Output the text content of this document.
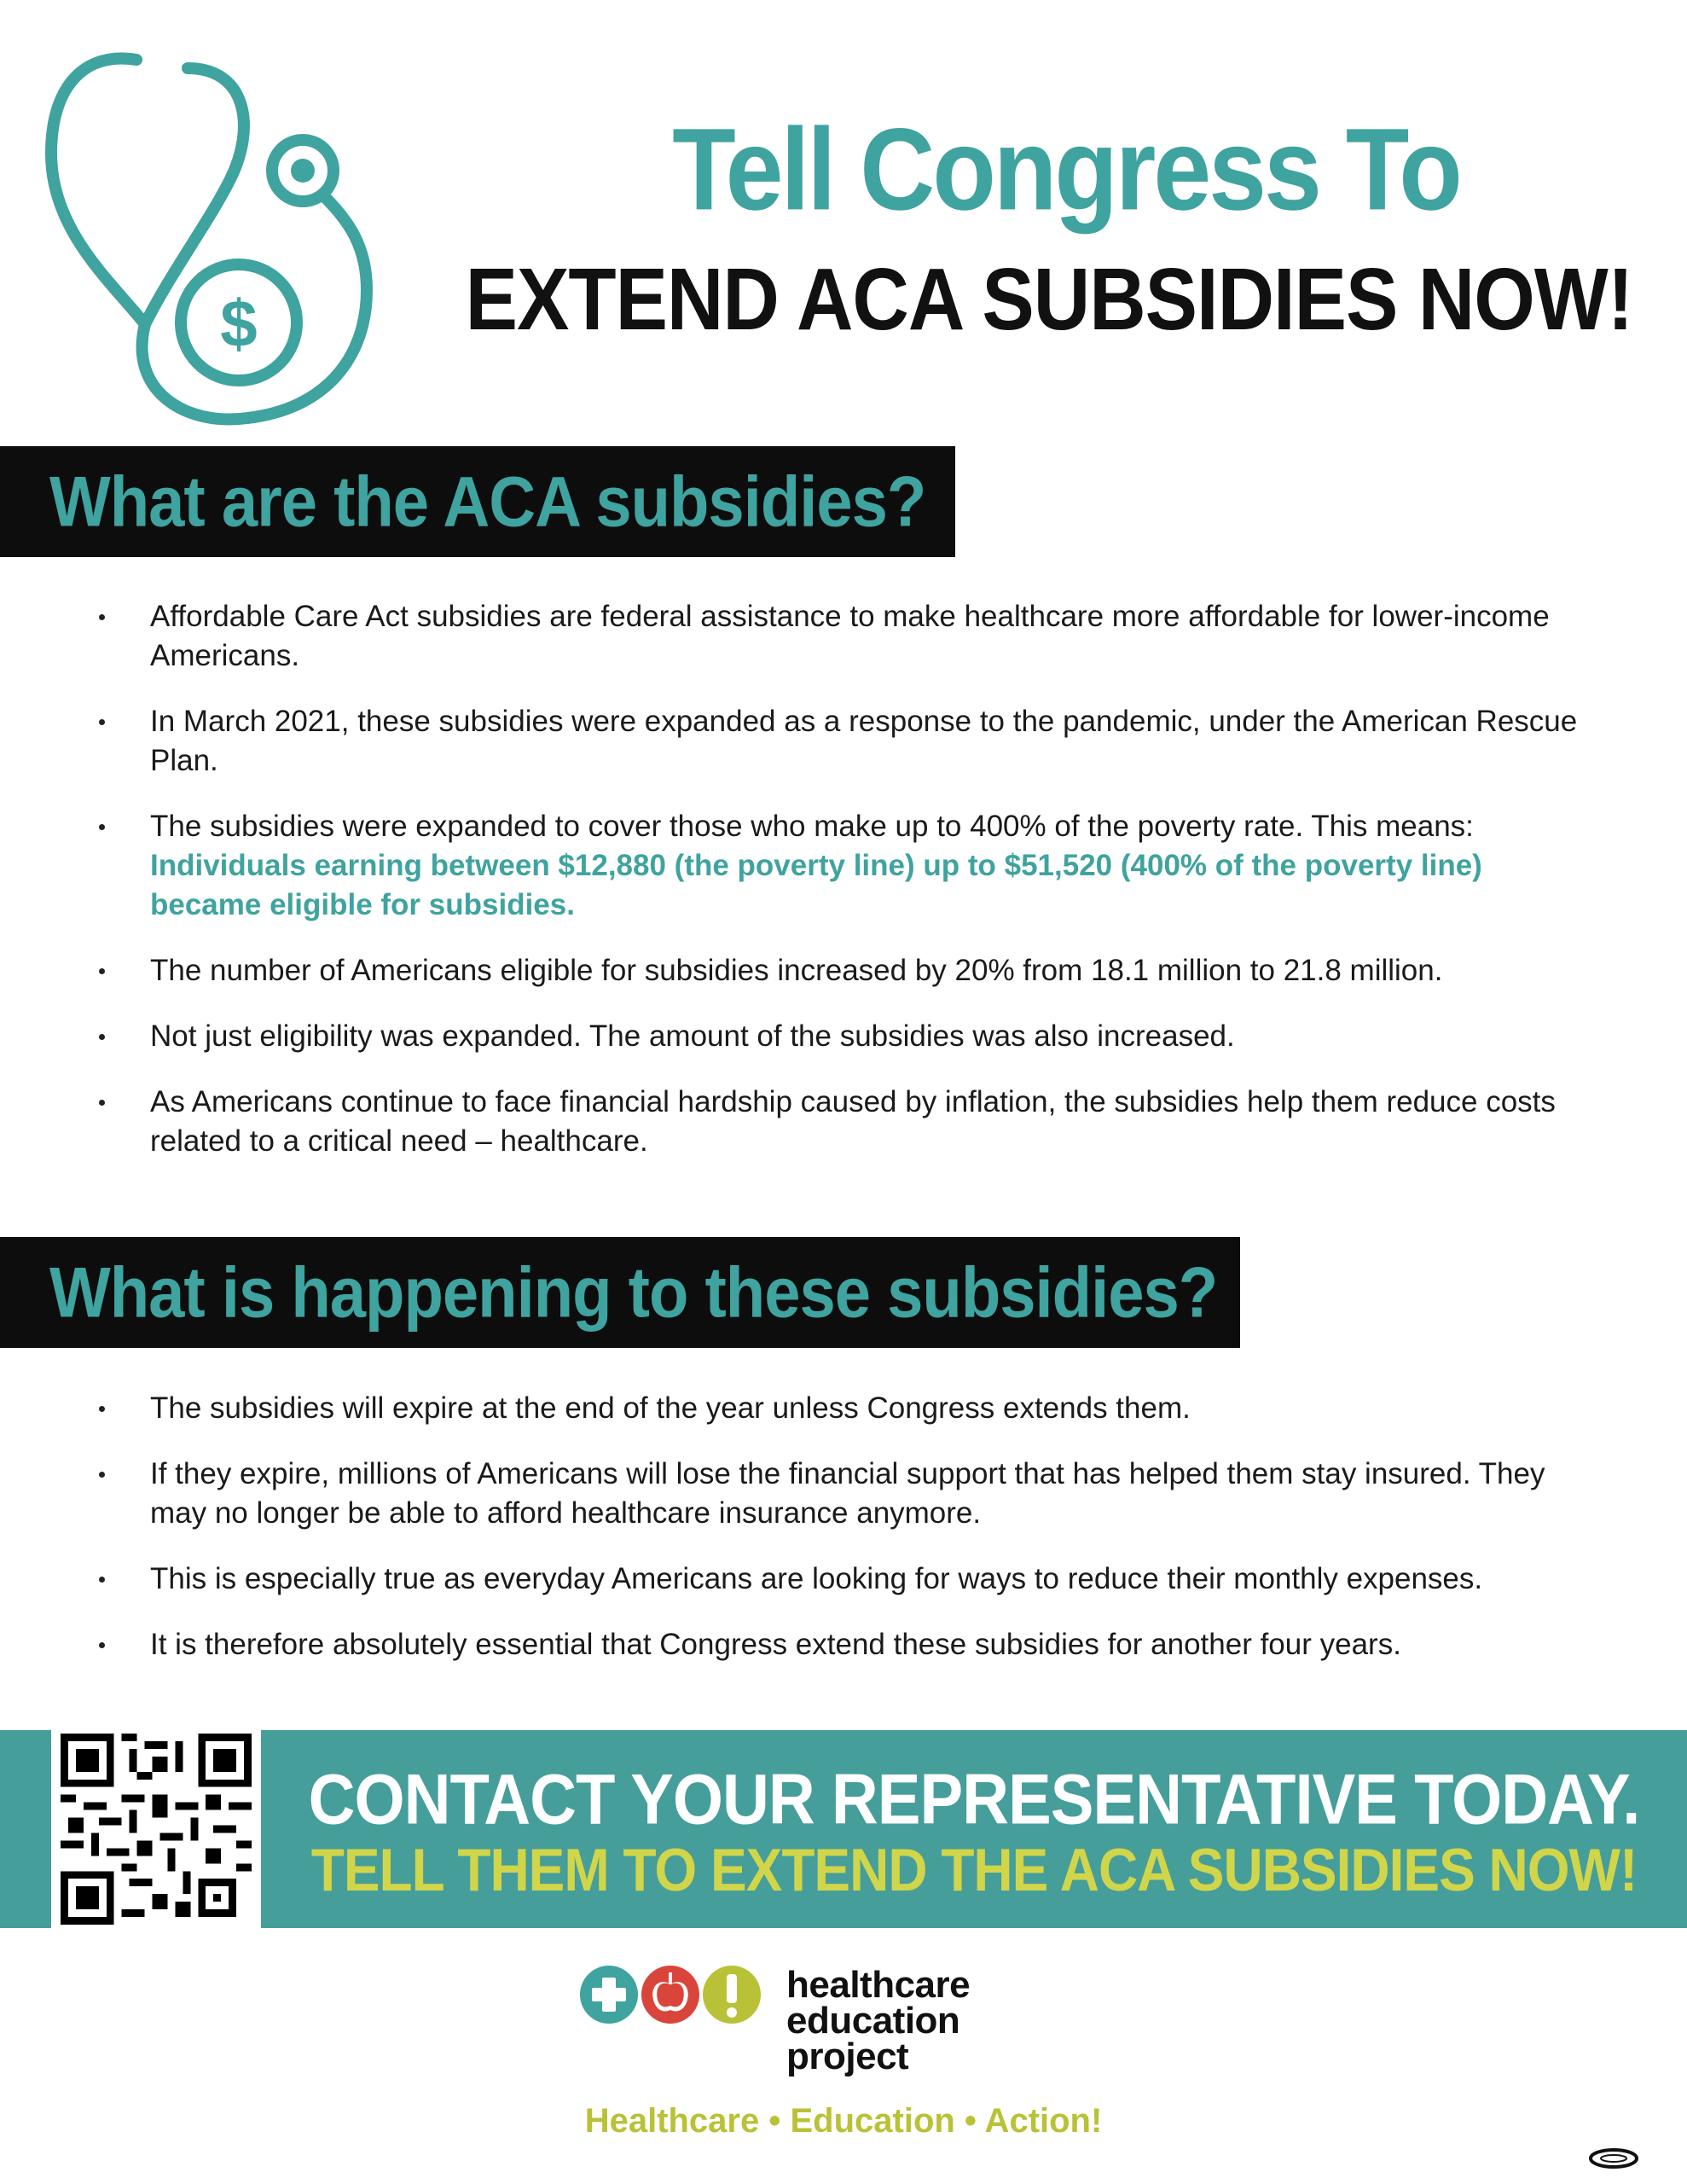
$
Tell Congress To
EXTEND ACA SUBSIDIES NOW!
What are the ACA subsidies?
Affordable Care Act subsidies are federal assistance to make healthcare more affordable for lower-income Americans.
In March 2021, these subsidies were expanded as a response to the pandemic, under the American Rescue Plan.
The subsidies were expanded to cover those who make up to 400% of the poverty rate. This means:
Individuals earning between $12,880 (the poverty line) up to $51,520 (400% of the poverty line) became eligible for subsidies.
The number of Americans eligible for subsidies increased by 20% from 18.1 million to 21.8 million.
Not just eligibility was expanded. The amount of the subsidies was also increased.
As Americans continue to face financial hardship caused by inflation, the subsidies help them reduce costs related to a critical need – healthcare.
What is happening to these subsidies?
The subsidies will expire at the end of the year unless Congress extends them.
If they expire, millions of Americans will lose the financial support that has helped them stay insured. They may no longer be able to afford healthcare insurance anymore.
This is especially true as everyday Americans are looking for ways to reduce their monthly expenses.
It is therefore absolutely essential that Congress extend these subsidies for another four years.
CONTACT YOUR REPRESENTATIVE TODAY.
TELL THEM TO EXTEND THE ACA SUBSIDIES NOW!
healthcare
education
project
Healthcare • Education • Action!
